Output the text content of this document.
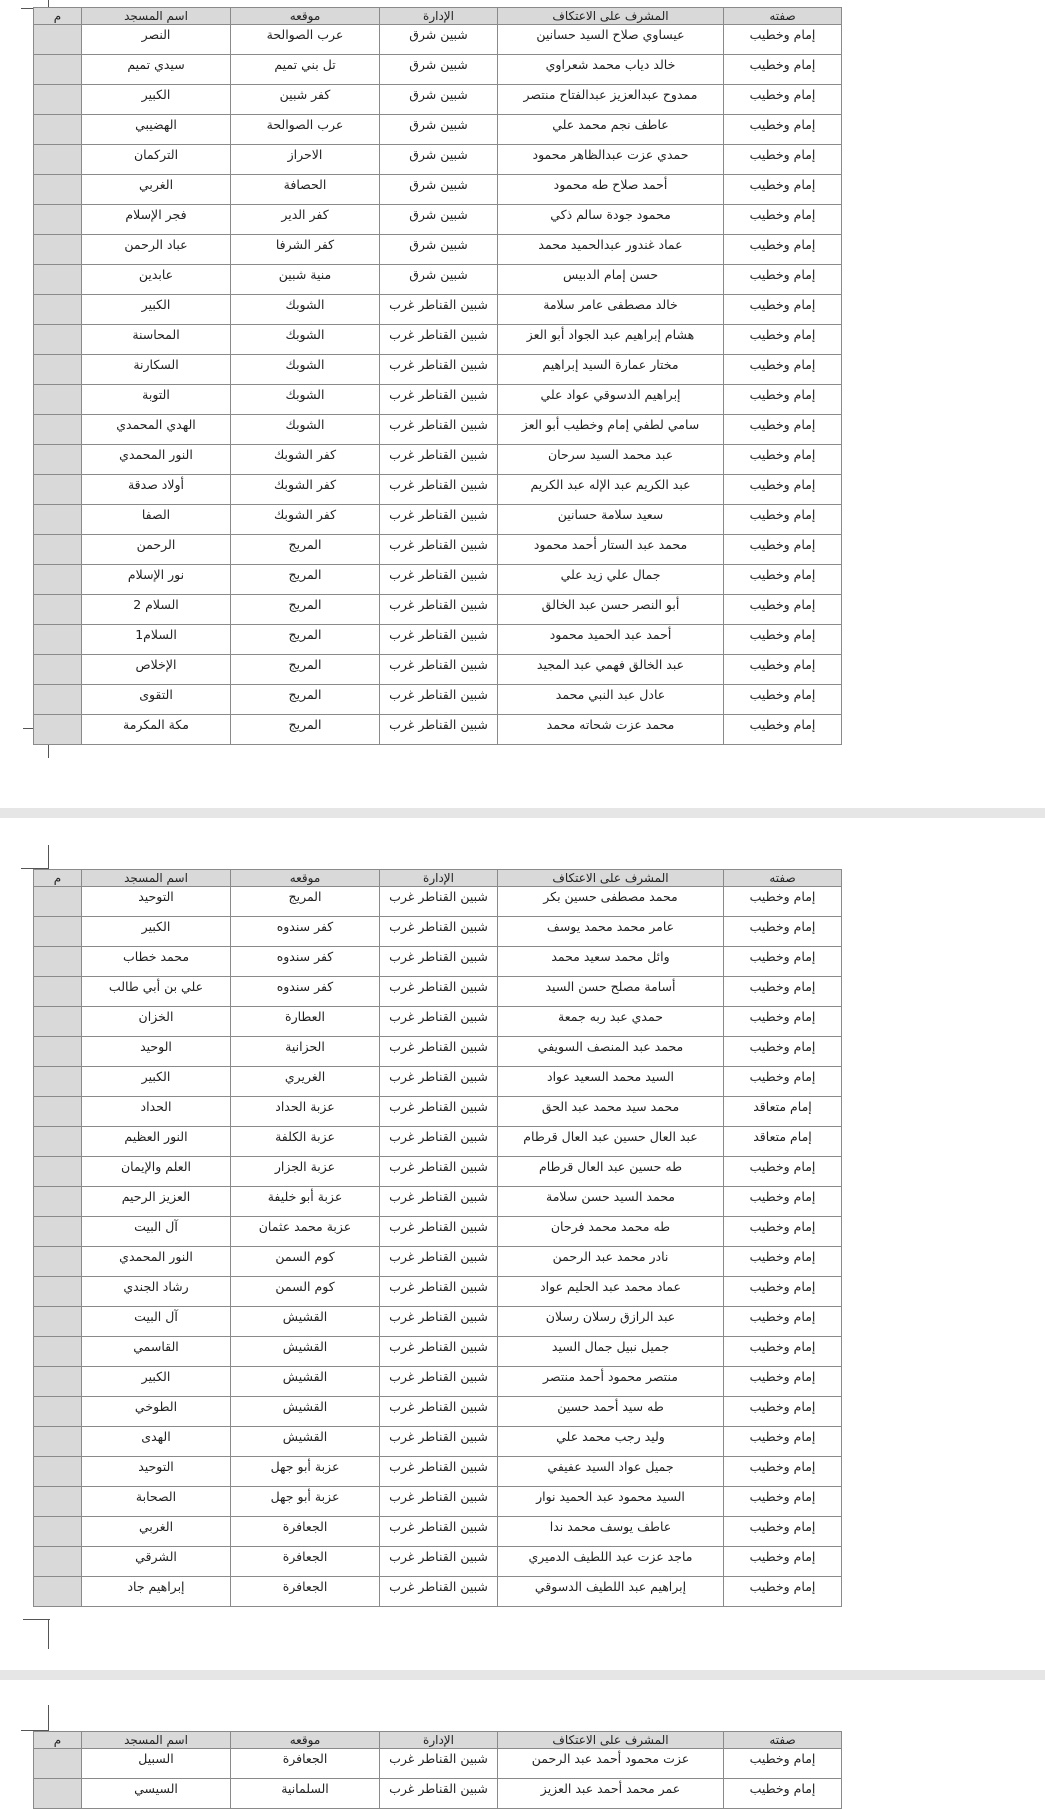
صفته	المشرف على الاعتكاف	الإدارة	موقعه	اسم المسجد	م
إمام وخطيب	عيساوي صلاح السيد حسانين	شبين شرق	عرب الصوالحة	النصر	
إمام وخطيب	خالد دياب محمد شعراوي	شبين شرق	تل بني تميم	سيدي تميم	
إمام وخطيب	ممدوح عبدالعزيز عبدالفتاح منتصر	شبين شرق	كفر شبين	الكبير	
إمام وخطيب	عاطف نجم محمد علي	شبين شرق	عرب الصوالحة	الهضيبي	
إمام وخطيب	حمدي عزت عبدالظاهر محمود	شبين شرق	الاحراز	التركمان	
إمام وخطيب	أحمد صلاح طه محمود	شبين شرق	الحصافة	الغربي	
إمام وخطيب	محمود جودة سالم ذكي	شبين شرق	كفر الدير	فجر الإسلام	
إمام وخطيب	عماد غندور عبدالحميد محمد	شبين شرق	كفر الشرفا	عباد الرحمن	
إمام وخطيب	حسن إمام الدبيس	شبين شرق	منية شبين	عابدين	
إمام وخطيب	خالد مصطفى عامر سلامة	شبين القناطر غرب	الشوبك	الكبير	
إمام وخطيب	هشام إبراهيم عبد الجواد أبو العز	شبين القناطر غرب	الشوبك	المحاسنة	
إمام وخطيب	مختار عمارة السيد إبراهيم	شبين القناطر غرب	الشوبك	السكارنة	
إمام وخطيب	إبراهيم الدسوقي عواد علي	شبين القناطر غرب	الشوبك	التوبة	
إمام وخطيب	سامي لطفي إمام وخطيب أبو العز	شبين القناطر غرب	الشوبك	الهدي المحمدي	
إمام وخطيب	عبد محمد السيد سرحان	شبين القناطر غرب	كفر الشوبك	النور المحمدي	
إمام وخطيب	عبد الكريم عبد الإله عبد الكريم	شبين القناطر غرب	كفر الشوبك	أولاد صدقة	
إمام وخطيب	سعيد سلامة حسانين	شبين القناطر غرب	كفر الشوبك	الصفا	
إمام وخطيب	محمد عبد الستار أحمد محمود	شبين القناطر غرب	المريج	الرحمن	
إمام وخطيب	جمال علي زيد علي	شبين القناطر غرب	المريج	نور الإسلام	
إمام وخطيب	أبو النصر حسن عبد الخالق	شبين القناطر غرب	المريج	السلام 2	
إمام وخطيب	أحمد عبد الحميد محمود	شبين القناطر غرب	المريج	السلام1	
إمام وخطيب	عبد الخالق فهمي عبد المجيد	شبين القناطر غرب	المريج	الإخلاص	
إمام وخطيب	عادل عبد النبي محمد	شبين القناطر غرب	المريج	التقوى	
إمام وخطيب	محمد عزت شحاته محمد	شبين القناطر غرب	المريج	مكة المكرمة	
صفته	المشرف على الاعتكاف	الإدارة	موقعه	اسم المسجد	م
إمام وخطيب	محمد مصطفى حسين بكر	شبين القناطر غرب	المريج	التوحيد	
إمام وخطيب	عامر محمد محمد يوسف	شبين القناطر غرب	كفر سندوه	الكبير	
إمام وخطيب	وائل محمد سعيد محمد	شبين القناطر غرب	كفر سندوه	محمد خطاب	
إمام وخطيب	أسامة مصلح حسن السيد	شبين القناطر غرب	كفر سندوه	علي بن أبي طالب	
إمام وخطيب	حمدي عبد ربه جمعة	شبين القناطر غرب	العطارة	الخزان	
إمام وخطيب	محمد عبد المنصف السويفي	شبين القناطر غرب	الحزانية	الوحيد	
إمام وخطيب	السيد محمد السعيد عواد	شبين القناطر غرب	الغريري	الكبير	
إمام متعاقد	محمد سيد محمد عبد الحق	شبين القناطر غرب	عزبة الحداد	الحداد	
إمام متعاقد	عبد العال حسين عبد العال قرطام	شبين القناطر غرب	عزبة الكلفة	النور العظيم	
إمام وخطيب	طه حسين عبد العال قرطام	شبين القناطر غرب	عزبة الجزار	العلم والإيمان	
إمام وخطيب	محمد السيد حسن سلامة	شبين القناطر غرب	عزبة أبو خليفة	العزيز الرحيم	
إمام وخطيب	طه محمد محمد فرحان	شبين القناطر غرب	عزبة محمد عثمان	آل البيت	
إمام وخطيب	نادر محمد عبد الرحمن	شبين القناطر غرب	كوم السمن	النور المحمدي	
إمام وخطيب	عماد محمد عبد الحليم عواد	شبين القناطر غرب	كوم السمن	رشاد الجندي	
إمام وخطيب	عبد الرازق رسلان رسلان	شبين القناطر غرب	القشيش	آل البيت	
إمام وخطيب	جميل نبيل جمال السيد	شبين القناطر غرب	القشيش	القاسمي	
إمام وخطيب	منتصر محمود أحمد منتصر	شبين القناطر غرب	القشيش	الكبير	
إمام وخطيب	طه سيد أحمد حسين	شبين القناطر غرب	القشيش	الطوخي	
إمام وخطيب	وليد رجب محمد علي	شبين القناطر غرب	القشيش	الهدى	
إمام وخطيب	جميل عواد السيد عفيفي	شبين القناطر غرب	عزبة أبو جهل	التوحيد	
إمام وخطيب	السيد محمود عبد الحميد نوار	شبين القناطر غرب	عزبة أبو جهل	الصحابة	
إمام وخطيب	عاطف يوسف محمد ندا	شبين القناطر غرب	الجعافرة	الغربي	
إمام وخطيب	ماجد عزت عبد اللطيف الدميري	شبين القناطر غرب	الجعافرة	الشرقي	
إمام وخطيب	إبراهيم عبد اللطيف الدسوقي	شبين القناطر غرب	الجعافرة	إبراهيم جاد	
صفته	المشرف على الاعتكاف	الإدارة	موقعه	اسم المسجد	م
إمام وخطيب	عزت محمود أحمد عبد الرحمن	شبين القناطر غرب	الجعافرة	السبيل	
إمام وخطيب	عمر محمد أحمد عبد العزيز	شبين القناطر غرب	السلمانية	السيسي	
